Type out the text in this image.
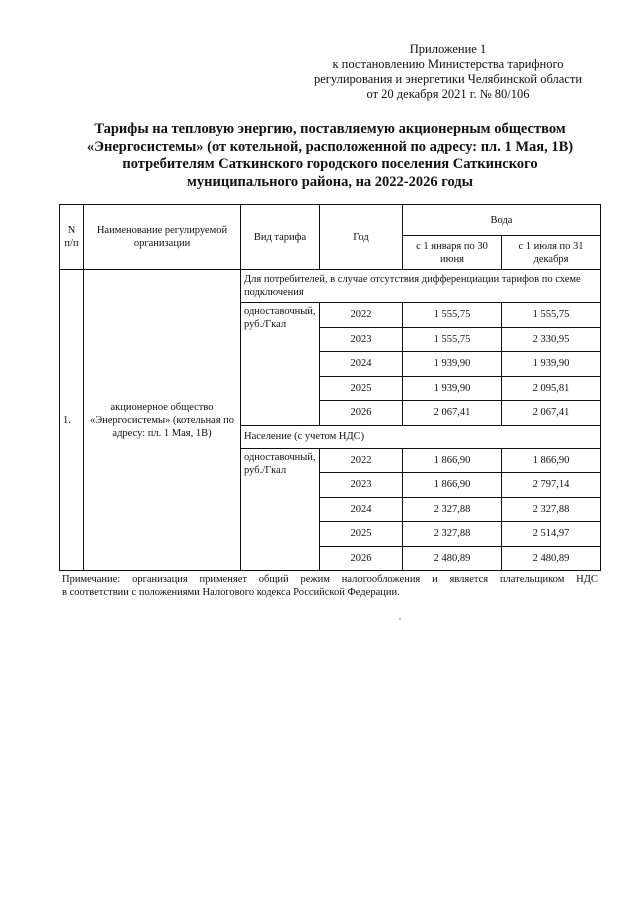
Приложение 1
к постановлению Министерства тарифного
регулирования и энергетики Челябинской области
от 20 декабря 2021 г. № 80/106
Тарифы на тепловую энергию, поставляемую акционерным обществом
«Энергосистемы» (от котельной, расположенной по адресу: пл. 1 Мая, 1В)
потребителям Саткинского городского поселения Саткинского
муниципального района, на 2022-2026 годы
N п/п	Наименование регулируемой организации	Вид тарифа	Год	Вода	
				с 1 января по 30 июня	с 1 июля по 31 декабря
1.	акционерное общество «Энергосистемы» (котельная по адресу: пл. 1 Мая, 1В)	Для потребителей, в случае отсутствия дифференциации тарифов по схеме подключения			
		одноставочный, руб./Гкал	2022	1 555,75	1 555,75
			2023	1 555,75	2 330,95
			2024	1 939,90	1 939,90
			2025	1 939,90	2 095,81
			2026	2 067,41	2 067,41
		Население (с учетом НДС)			
		одноставочный, руб./Гкал	2022	1 866,90	1 866,90
			2023	1 866,90	2 797,14
			2024	2 327,88	2 327,88
			2025	2 327,88	2 514,97
			2026	2 480,89	2 480,89
Примечание: организация применяет общий режим налогообложения и является плательщиком НДС
в соответствии с положениями Налогового кодекса Российской Федерации.
,
